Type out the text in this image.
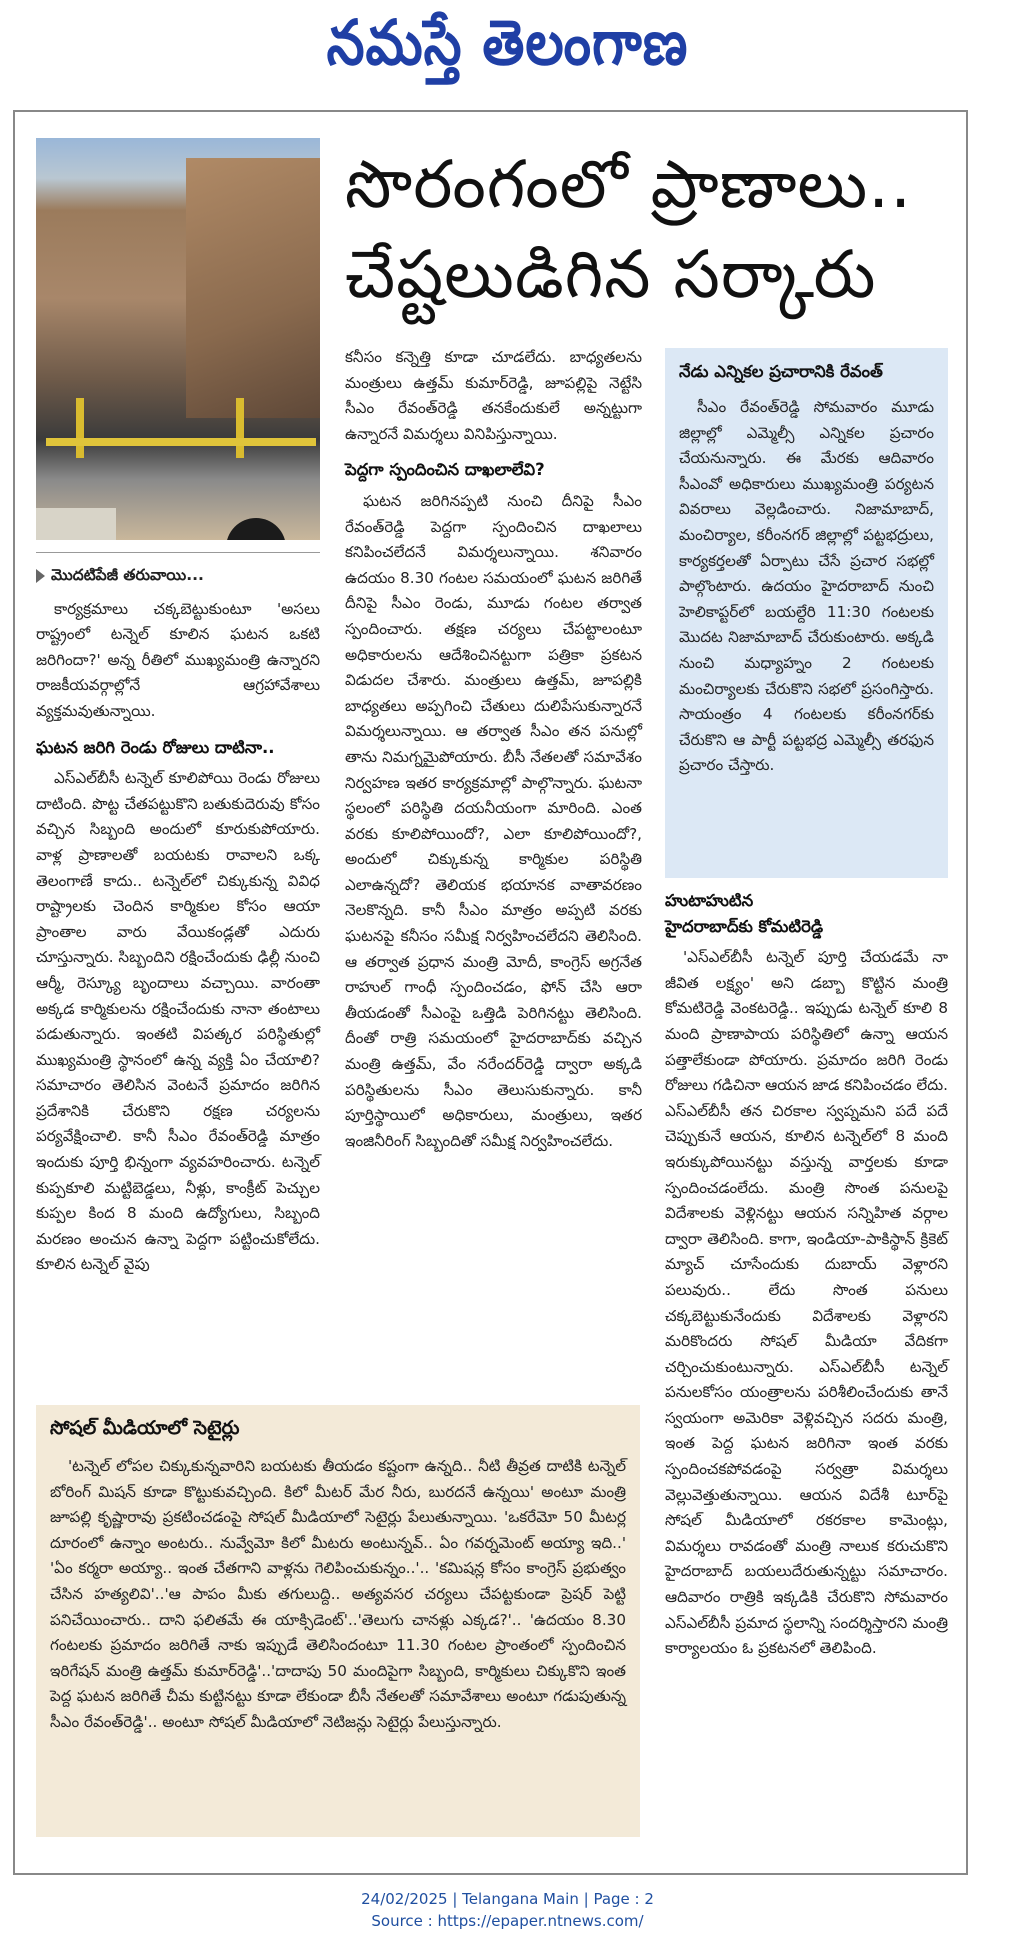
నమస్తే తెలంగాణ
సొరంగంలో ప్రాణాలు..
చేష్టలుడిగిన సర్కారు
మొదటిపేజీ తరువాయి...

కార్యక్రమాలు చక్కబెట్టుకుంటూ 'అసలు రాష్ట్రంలో టన్నెల్ కూలిన ఘటన ఒకటి జరిగిందా?' అన్న రీతిలో ముఖ్యమంత్రి ఉన్నారని రాజకీయవర్గాల్లోనే ఆగ్రహావేశాలు వ్యక్తమవుతున్నాయి.

ఘటన జరిగి రెండు రోజులు దాటినా..

ఎస్ఎల్‌బీసీ టన్నెల్ కూలిపోయి రెండు రోజులు దాటింది. పొట్ట చేతపట్టుకొని బతుకుదెరువు కోసం వచ్చిన సిబ్బంది అందులో కూరుకుపోయారు. వాళ్ల ప్రాణాలతో బయటకు రావాలని ఒక్క తెలంగాణే కాదు.. టన్నెల్‌లో చిక్కుకున్న వివిధ రాష్ట్రాలకు చెందిన కార్మికుల కోసం ఆయా ప్రాంతాల వారు వేయికండ్లతో ఎదురు చూస్తున్నారు. సిబ్బందిని రక్షించేందుకు ఢిల్లీ నుంచి ఆర్మీ, రెస్క్యూ బృందాలు వచ్చాయి. వారంతా అక్కడ కార్మికులను రక్షించేందుకు నానా తంటాలు పడుతున్నారు. ఇంతటి విపత్కర పరిస్థితుల్లో ముఖ్యమంత్రి స్థానంలో ఉన్న వ్యక్తి ఏం చేయాలి? సమాచారం తెలిసిన వెంటనే ప్రమాదం జరిగిన ప్రదేశానికి చేరుకొని రక్షణ చర్యలను పర్యవేక్షించాలి. కానీ సీఎం రేవంత్‌రెడ్డి మాత్రం ఇందుకు పూర్తి భిన్నంగా వ్యవహరించారు. టన్నెల్ కుప్పకూలి మట్టిబెడ్డలు, నీళ్లు, కాంక్రీట్ పెచ్చుల కుప్పల కింద 8 మంది ఉద్యోగులు, సిబ్బంది మరణం అంచున ఉన్నా పెద్దగా పట్టించుకోలేదు. కూలిన టన్నెల్ వైపు

కనీసం కన్నెత్తి కూడా చూడలేదు. బాధ్యతలను మంత్రులు ఉత్తమ్ కుమార్‌రెడ్డి, జూపల్లిపై నెట్టేసి సీఎం రేవంత్‌రెడ్డి తనకేందుకులే అన్నట్టుగా ఉన్నారనే విమర్శలు వినిపిస్తున్నాయి.

పెద్దగా స్పందించిన దాఖలాలేవి?

ఘటన జరిగినప్పటి నుంచి దీనిపై సీఎం రేవంత్‌రెడ్డి పెద్దగా స్పందించిన దాఖలాలు కనిపించలేదనే విమర్శలున్నాయి. శనివారం ఉదయం 8.30 గంటల సమయంలో ఘటన జరిగితే దీనిపై సీఎం రెండు, మూడు గంటల తర్వాత స్పందించారు. తక్షణ చర్యలు చేపట్టాలంటూ అధికారులను ఆదేశించినట్టుగా పత్రికా ప్రకటన విడుదల చేశారు. మంత్రులు ఉత్తమ్, జూపల్లికి బాధ్యతలు అప్పగించి చేతులు దులిపేసుకున్నారనే విమర్శలున్నాయి. ఆ తర్వాత సీఎం తన పనుల్లో తాను నిమగ్నమైపోయారు. బీసీ నేతలతో సమావేశం నిర్వహణ ఇతర కార్యక్రమాల్లో పాల్గొన్నారు. ఘటనా స్థలంలో పరిస్థితి దయనీయంగా మారింది. ఎంత వరకు కూలిపోయిందో?, ఎలా కూలిపోయిందో?, అందులో చిక్కుకున్న కార్మికుల పరిస్థితి ఎలాఉన్నదో? తెలియక భయానక వాతావరణం నెలకొన్నది. కానీ సీఎం మాత్రం అప్పటి వరకు ఘటనపై కనీసం సమీక్ష నిర్వహించలేదని తెలిసింది. ఆ తర్వాత ప్రధాన మంత్రి మోదీ, కాంగ్రెస్ అగ్రనేత రాహుల్ గాంధీ స్పందించడం, ఫోన్ చేసి ఆరా తీయడంతో సీఎంపై ఒత్తిడి పెరిగినట్టు తెలిసింది. దీంతో రాత్రి సమయంలో హైదరాబాద్‌కు వచ్చిన మంత్రి ఉత్తమ్, వేం నరేందర్‌రెడ్డి ద్వారా అక్కడి పరిస్థితులను సీఎం తెలుసుకున్నారు. కానీ పూర్తిస్థాయిలో అధికారులు, మంత్రులు, ఇతర ఇంజినీరింగ్ సిబ్బందితో సమీక్ష నిర్వహించలేదు.

నేడు ఎన్నికల ప్రచారానికి రేవంత్

సీఎం రేవంత్‌రెడ్డి సోమవారం మూడు జిల్లాల్లో ఎమ్మెల్సీ ఎన్నికల ప్రచారం చేయనున్నారు. ఈ మేరకు ఆదివారం సీఎంవో అధికారులు ముఖ్యమంత్రి పర్యటన వివరాలు వెల్లడించారు. నిజామాబాద్, మంచిర్యాల, కరీంనగర్ జిల్లాల్లో పట్టభద్రులు, కార్యకర్తలతో ఏర్పాటు చేసే ప్రచార సభల్లో పాల్గొంటారు. ఉదయం హైదరాబాద్ నుంచి హెలికాప్టర్‌లో బయల్దేరి 11:30 గంటలకు మొదట నిజామాబాద్ చేరుకుంటారు. అక్కడి నుంచి మధ్యాహ్నం 2 గంటలకు మంచిర్యాలకు చేరుకొని సభలో ప్రసంగిస్తారు. సాయంత్రం 4 గంటలకు కరీంనగర్‌కు చేరుకొని ఆ పార్టీ పట్టభద్ర ఎమ్మెల్సీ తరఫున ప్రచారం చేస్తారు.

హుటాహుటిన
హైదరాబాద్‌కు కోమటిరెడ్డి

'ఎస్ఎల్‌బీసీ టన్నెల్ పూర్తి చేయడమే నా జీవిత లక్ష్యం' అని డబ్బా కొట్టిన మంత్రి కోమటిరెడ్డి వెంకటరెడ్డి.. ఇప్పుడు టన్నెల్ కూలి 8 మంది ప్రాణాపాయ పరిస్థితిలో ఉన్నా ఆయన పత్తాలేకుండా పోయారు. ప్రమాదం జరిగి రెండు రోజులు గడిచినా ఆయన జాడ కనిపించడం లేదు. ఎస్ఎల్‌బీసీ తన చిరకాల స్వప్నమని పదే పదే చెప్పుకునే ఆయన, కూలిన టన్నెల్‌లో 8 మంది ఇరుక్కుపోయినట్టు వస్తున్న వార్తలకు కూడా స్పందించడంలేదు. మంత్రి సొంత పనులపై విదేశాలకు వెళ్లినట్టు ఆయన సన్నిహిత వర్గాల ద్వారా తెలిసింది. కాగా, ఇండియా-పాకిస్థాన్ క్రికెట్ మ్యాచ్ చూసేందుకు దుబాయ్ వెళ్లారని పలువురు.. లేదు సొంత పనులు చక్కబెట్టుకునేందుకు విదేశాలకు వెళ్లారని మరికొందరు సోషల్ మీడియా వేదికగా చర్చించుకుంటున్నారు. ఎస్ఎల్‌బీసీ టన్నెల్ పనులకోసం యంత్రాలను పరిశీలించేందుకు తానే స్వయంగా అమెరికా వెళ్లివచ్చిన సదరు మంత్రి, ఇంత పెద్ద ఘటన జరిగినా ఇంత వరకు స్పందించకపోవడంపై సర్వత్రా విమర్శలు వెల్లువెత్తుతున్నాయి. ఆయన విదేశీ టూర్‌పై సోషల్ మీడియాలో రకరకాల కామెంట్లు, విమర్శలు రావడంతో మంత్రి నాలుక కరుచుకొని హైదరాబాద్ బయలుదేరుతున్నట్టు సమాచారం. ఆదివారం రాత్రికి ఇక్కడికి చేరుకొని సోమవారం ఎస్ఎల్‌బీసీ ప్రమాద స్థలాన్ని సందర్శిస్తారని మంత్రి కార్యాలయం ఓ ప్రకటనలో తెలిపింది.

సోషల్ మీడియాలో సెటైర్లు

'టన్నెల్ లోపల చిక్కుకున్నవారిని బయటకు తీయడం కష్టంగా ఉన్నది.. నీటి తీవ్రత దాటికి టన్నెల్ బోరింగ్ మిషన్ కూడా కొట్టుకువచ్చింది. కిలో మీటర్ మేర నీరు, బురదనే ఉన్నయి' అంటూ మంత్రి జూపల్లి కృష్ణారావు ప్రకటించడంపై సోషల్ మీడియాలో సెటైర్లు పేలుతున్నాయి. 'ఒకరేమో 50 మీటర్ల దూరంలో ఉన్నాం అంటరు.. నువ్వేమో కిలో మీటరు అంటున్నవ్.. ఏం గవర్నమెంట్ అయ్యా ఇది..' 'ఏం కర్మరా అయ్యా.. ఇంత చేతగాని వాళ్లను గెలిపించుకున్నం..'.. 'కమిషన్ల కోసం కాంగ్రెస్ ప్రభుత్వం చేసిన హత్యలివి'..'ఆ పాపం మీకు తగులుద్ది.. అత్యవసర చర్యలు చేపట్టకుండా ప్రెషర్ పెట్టి పనిచేయించారు.. దాని ఫలితమే ఈ యాక్సిడెంట్'..'తెలుగు చానళ్లు ఎక్కడ?'.. 'ఉదయం 8.30 గంటలకు ప్రమాదం జరిగితే నాకు ఇప్పుడే తెలిసిందంటూ 11.30 గంటల ప్రాంతంలో స్పందించిన ఇరిగేషన్ మంత్రి ఉత్తమ్ కుమార్‌రెడ్డి'..'దాదాపు 50 మందిపైగా సిబ్బంది, కార్మికులు చిక్కుకొని ఇంత పెద్ద ఘటన జరిగితే చీమ కుట్టినట్టు కూడా లేకుండా బీసీ నేతలతో సమావేశాలు అంటూ గడుపుతున్న సీఎం రేవంత్‌రెడ్డి'.. అంటూ సోషల్ మీడియాలో నెటిజన్లు సెటైర్లు పేలుస్తున్నారు.

24/02/2025 | Telangana Main | Page : 2
Source : https://epaper.ntnews.com/
